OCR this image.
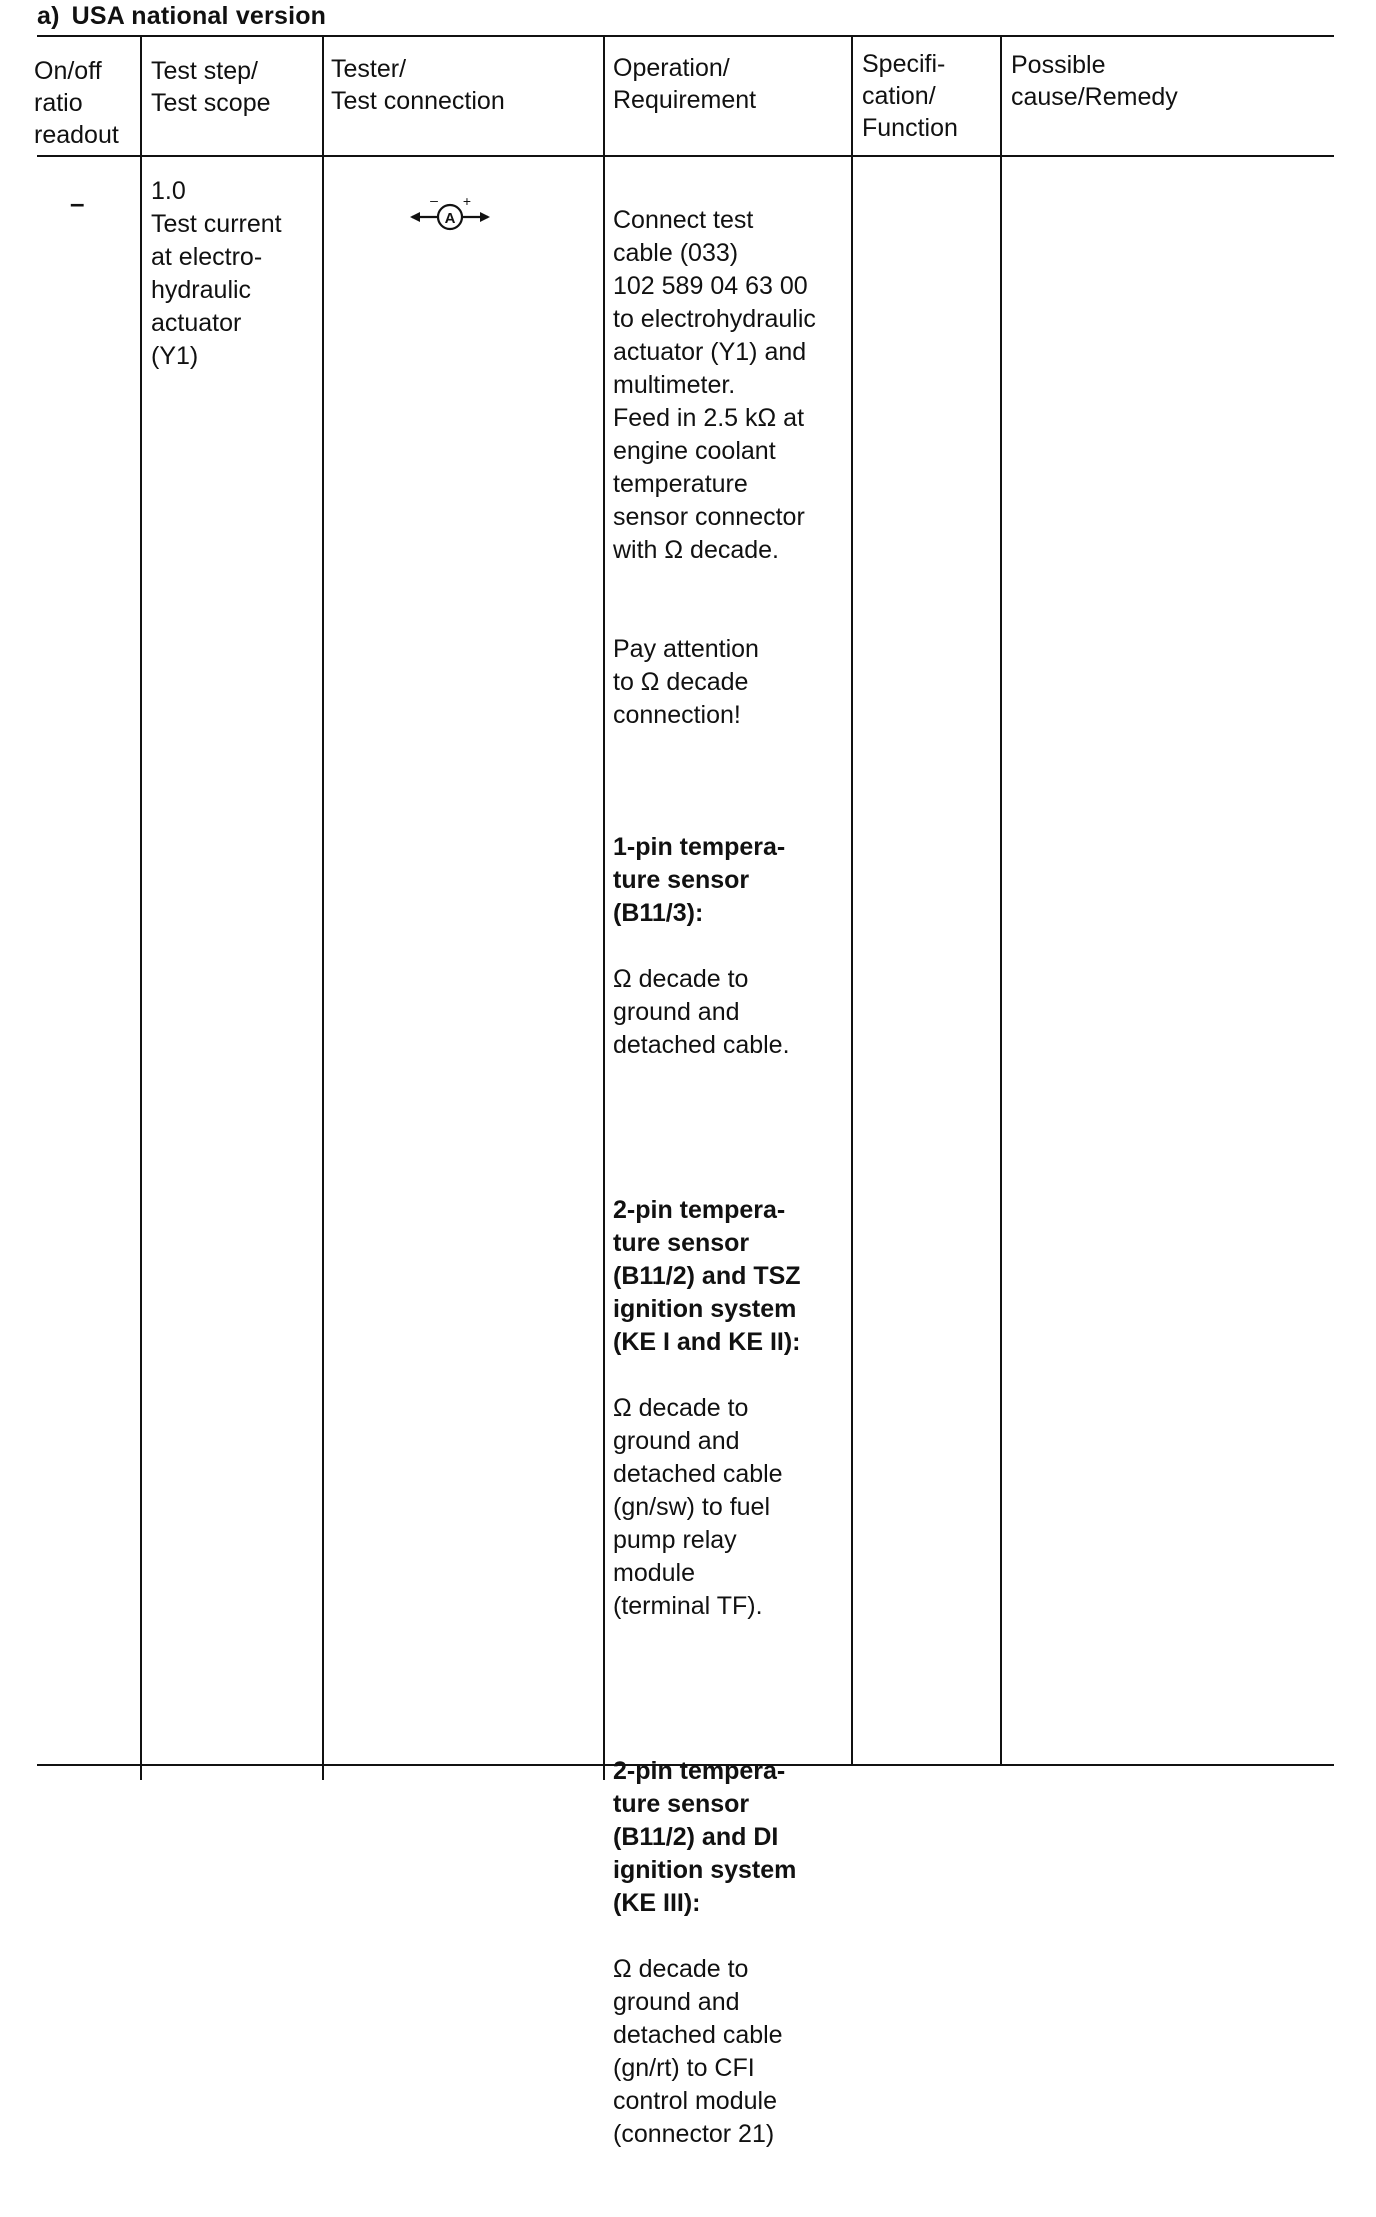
a) USA national version
On/off
ratio
readout
Test step/
Test scope
Tester/
Test connection
Operation/
Requirement
Specifi-
cation/
Function
Possible
cause/Remedy
–	1.0
Test current
at electro-
hydraulic
actuator
(Y1)
A
– +

Connect test
cable (033)
102 589 04 63 00
to electrohydraulic
actuator (Y1) and
multimeter.
Feed in 2.5 kΩ at
engine coolant
temperature
sensor connector
with Ω decade.

Pay attention
to Ω decade
connection!

1-pin tempera-
ture sensor
(B11/3):

Ω decade to
ground and
detached cable.

2-pin tempera-
ture sensor
(B11/2) and TSZ
ignition system
(KE I and KE II):

Ω decade to
ground and
detached cable
(gn/sw) to fuel
pump relay
module
(terminal TF).

2-pin tempera-
ture sensor
(B11/2) and DI
ignition system
(KE III):

Ω decade to
ground and
detached cable
(gn/rt) to CFI
control module
(connector 21)
